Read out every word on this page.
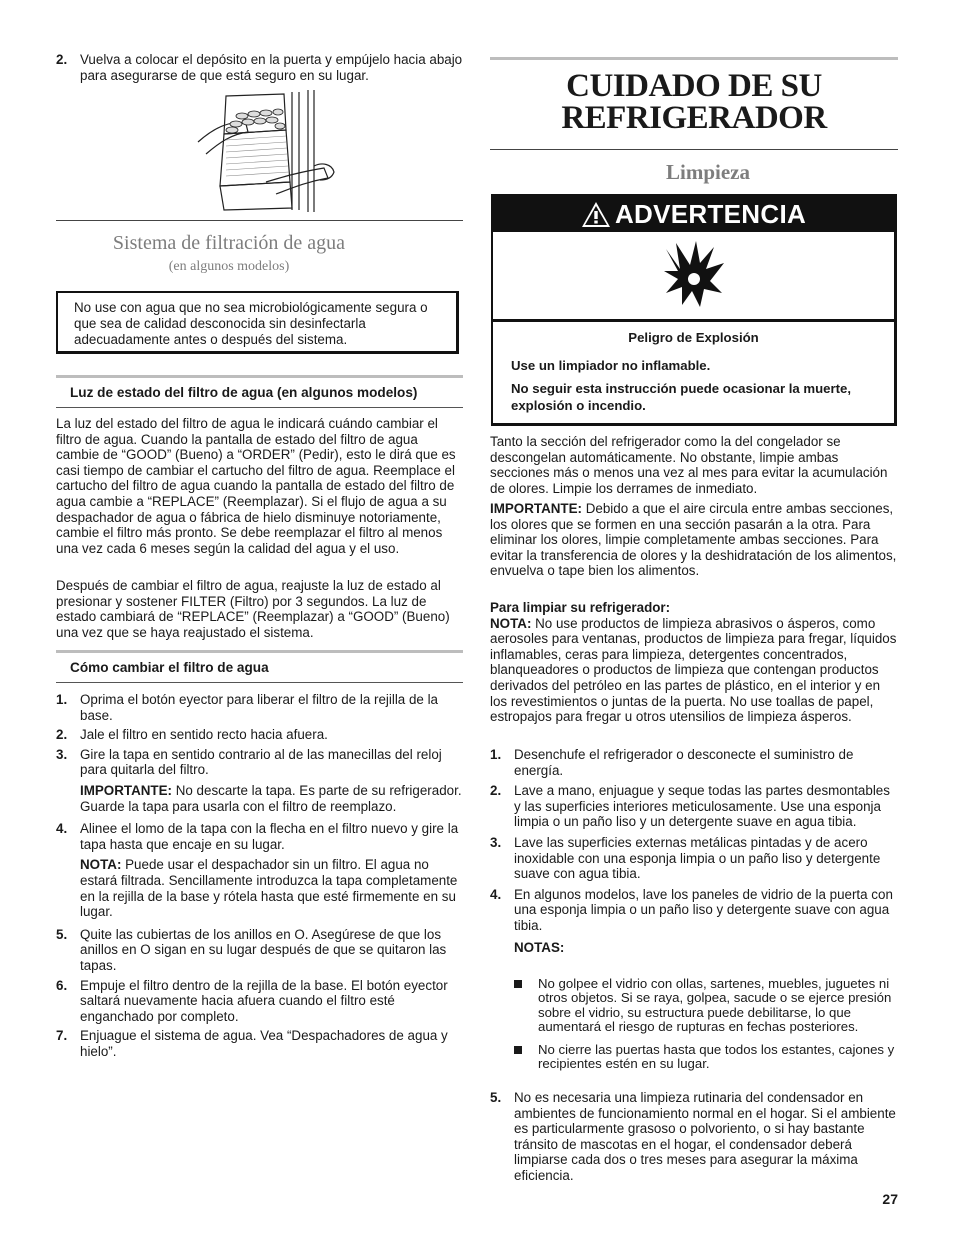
2. Vuelva a colocar el depósito en la puerta y empújelo hacia abajo para asegurarse de que está seguro en su lugar.

Sistema de filtración de agua
(en algunos modelos)

No use con agua que no sea microbiológicamente segura o que sea de calidad desconocida sin desinfectarla adecuadamente antes o después del sistema.

Luz de estado del filtro de agua (en algunos modelos)

La luz del estado del filtro de agua le indicará cuándo cambiar el filtro de agua. Cuando la pantalla de estado del filtro de agua cambie de “GOOD” (Bueno) a “ORDER” (Pedir), esto le dirá que es casi tiempo de cambiar el cartucho del filtro de agua. Reemplace el cartucho del filtro de agua cuando la pantalla de estado del filtro de agua cambie a “REPLACE” (Reemplazar). Si el flujo de agua a su despachador de agua o fábrica de hielo disminuye notoriamente, cambie el filtro más pronto. Se debe reemplazar el filtro al menos una vez cada 6 meses según la calidad del agua y el uso.

Después de cambiar el filtro de agua, reajuste la luz de estado al presionar y sostener FILTER (Filtro) por 3 segundos. La luz de estado cambiará de “REPLACE” (Reemplazar) a “GOOD” (Bueno) una vez que se haya reajustado el sistema.

Cómo cambiar el filtro de agua
1. Oprima el botón eyector para liberar el filtro de la rejilla de la base.

2. Jale el filtro en sentido recto hacia afuera.

3. Gire la tapa en sentido contrario al de las manecillas del reloj para quitarla del filtro.

IMPORTANTE: No descarte la tapa. Es parte de su refrigerador. Guarde la tapa para usarla con el filtro de reemplazo.

4. Alinee el lomo de la tapa con la flecha en el filtro nuevo y gire la tapa hasta que encaje en su lugar.

NOTA: Puede usar el despachador sin un filtro. El agua no estará filtrada. Sencillamente introduzca la tapa completamente en la rejilla de la base y rótela hasta que esté firmemente en su lugar.

5. Quite las cubiertas de los anillos en O. Asegúrese de que los anillos en O sigan en su lugar después de que se quitaron las tapas.

6. Empuje el filtro dentro de la rejilla de la base. El botón eyector saltará nuevamente hacia afuera cuando el filtro esté enganchado por completo.

7. Enjuague el sistema de agua. Vea “Despachadores de agua y hielo”.

CUIDADO DE SU
REFRIGERADOR
Limpieza
ADVERTENCIA

Peligro de Explosión

Use un limpiador no inflamable.

No seguir esta instrucción puede ocasionar la muerte, explosión o incendio.

Tanto la sección del refrigerador como la del congelador se descongelan automáticamente. No obstante, limpie ambas secciones más o menos una vez al mes para evitar la acumulación de olores. Limpie los derrames de inmediato.

IMPORTANTE: Debido a que el aire circula entre ambas secciones, los olores que se formen en una sección pasarán a la otra. Para eliminar los olores, limpie completamente ambas secciones. Para evitar la transferencia de olores y la deshidratación de los alimentos, envuelva o tape bien los alimentos.

Para limpiar su refrigerador:

NOTA: No use productos de limpieza abrasivos o ásperos, como aerosoles para ventanas, productos de limpieza para fregar, líquidos inflamables, ceras para limpieza, detergentes concentrados, blanqueadores o productos de limpieza que contengan productos derivados del petróleo en las partes de plástico, en el interior y en los revestimientos o juntas de la puerta. No use toallas de papel, estropajos para fregar u otros utensilios de limpieza ásperos.

1. Desenchufe el refrigerador o desconecte el suministro de energía.

2. Lave a mano, enjuague y seque todas las partes desmontables y las superficies interiores meticulosamente. Use una esponja limpia o un paño liso y un detergente suave en agua tibia.

3. Lave las superficies externas metálicas pintadas y de acero inoxidable con una esponja limpia o un paño liso y detergente suave con agua tibia.

4. En algunos modelos, lave los paneles de vidrio de la puerta con una esponja limpia o un paño liso y detergente suave con agua tibia.

NOTAS:

No golpee el vidrio con ollas, sartenes, muebles, juguetes ni otros objetos. Si se raya, golpea, sacude o se ejerce presión sobre el vidrio, su estructura puede debilitarse, lo que aumentará el riesgo de rupturas en fechas posteriores.

No cierre las puertas hasta que todos los estantes, cajones y recipientes estén en su lugar.

5. No es necesaria una limpieza rutinaria del condensador en ambientes de funcionamiento normal en el hogar. Si el ambiente es particularmente grasoso o polvoriento, o si hay bastante tránsito de mascotas en el hogar, el condensador deberá limpiarse cada dos o tres meses para asegurar la máxima eficiencia.

27
